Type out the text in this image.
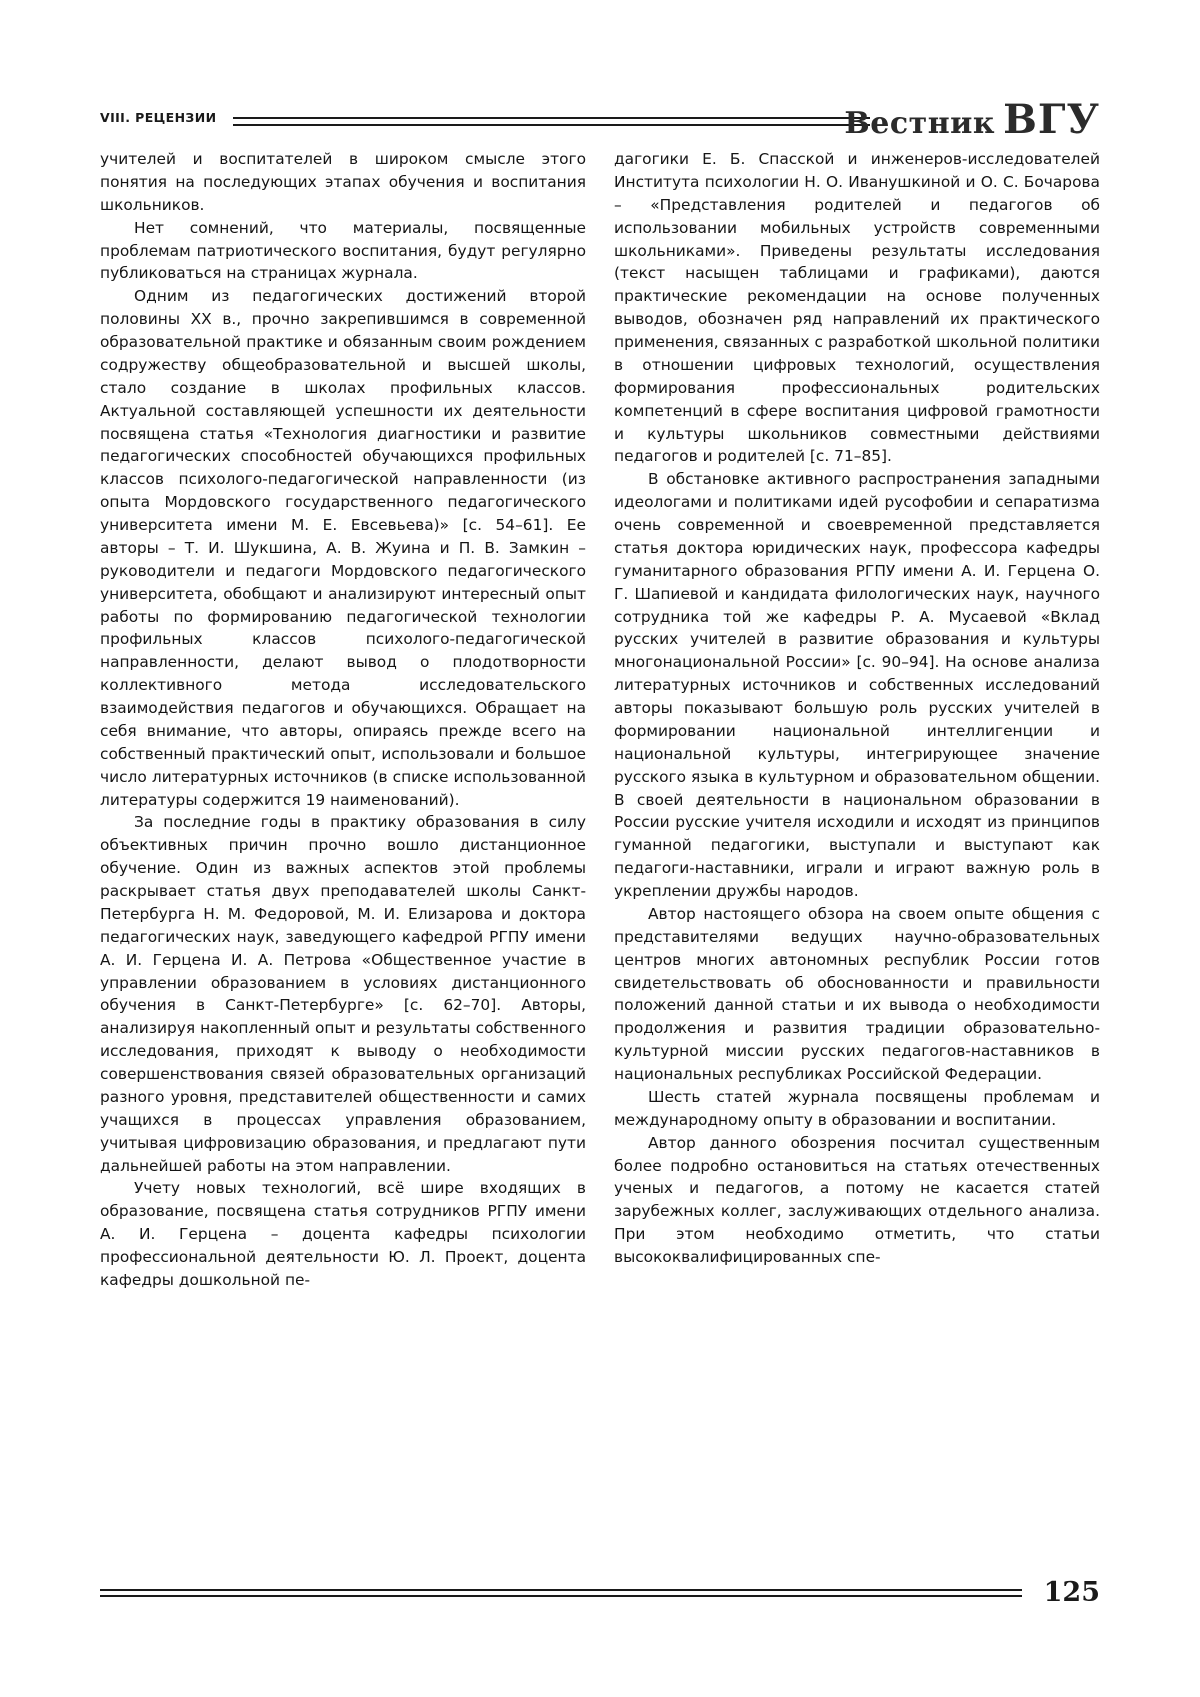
VIII. РЕЦЕНЗИИ	Вестник ВГУ

учителей и воспитателей в широком смысле этого понятия на последующих этапах обучения и воспитания школьников.

Нет сомнений, что материалы, посвященные проблемам патриотического воспитания, будут регулярно публиковаться на страницах журнала.

Одним из педагогических достижений второй половины XX в., прочно закрепившимся в современной образовательной практике и обязанным своим рождением содружеству общеобразовательной и высшей школы, стало создание в школах профильных классов. Актуальной составляющей успешности их деятельности посвящена статья «Технология диагностики и развитие педагогических способностей обучающихся профильных классов психолого-педагогической направленности (из опыта Мордовского государственного педагогического университета имени М. Е. Евсевьева)» [с. 54–61]. Ее авторы – Т. И. Шукшина, А. В. Жуина и П. В. Замкин – руководители и педагоги Мордовского педагогического университета, обобщают и анализируют интересный опыт работы по формированию педагогической технологии профильных классов психолого-педагогической направленности, делают вывод о плодотворности коллективного метода исследовательского взаимодействия педагогов и обучающихся. Обращает на себя внимание, что авторы, опираясь прежде всего на собственный практический опыт, использовали и большое число литературных источников (в списке использованной литературы содержится 19 наименований).

За последние годы в практику образования в силу объективных причин прочно вошло дистанционное обучение. Один из важных аспектов этой проблемы раскрывает статья двух преподавателей школы Санкт-Петербурга Н. М. Федоровой, М. И. Елизарова и доктора педагогических наук, заведующего кафедрой РГПУ имени А. И. Герцена И. А. Петрова «Общественное участие в управлении образованием в условиях дистанционного обучения в Санкт-Петербурге» [с. 62–70]. Авторы, анализируя накопленный опыт и результаты собственного исследования, приходят к выводу о необходимости совершенствования связей образовательных организаций разного уровня, представителей общественности и самих учащихся в процессах управления образованием, учитывая цифровизацию образования, и предлагают пути дальнейшей работы на этом направлении.

Учету новых технологий, всё шире входящих в образование, посвящена статья сотрудников РГПУ имени А. И. Герцена – доцента кафедры психологии профессиональной деятельности Ю. Л. Проект, доцента кафедры дошкольной пе-

дагогики Е. Б. Спасской и инженеров-исследователей Института психологии Н. О. Иванушкиной и О. С. Бочарова – «Представления родителей и педагогов об использовании мобильных устройств современными школьниками». Приведены результаты исследования (текст насыщен таблицами и графиками), даются практические рекомендации на основе полученных выводов, обозначен ряд направлений их практического применения, связанных с разработкой школьной политики в отношении цифровых технологий, осуществления формирования профессиональных родительских компетенций в сфере воспитания цифровой грамотности и культуры школьников совместными действиями педагогов и родителей [с. 71–85].

В обстановке активного распространения западными идеологами и политиками идей русофобии и сепаратизма очень современной и своевременной представляется статья доктора юридических наук, профессора кафедры гуманитарного образования РГПУ имени А. И. Герцена О. Г. Шапиевой и кандидата филологических наук, научного сотрудника той же кафедры Р. А. Мусаевой «Вклад русских учителей в развитие образования и культуры многонациональной России» [с. 90–94]. На основе анализа литературных источников и собственных исследований авторы показывают большую роль русских учителей в формировании национальной интеллигенции и национальной культуры, интегрирующее значение русского языка в культурном и образовательном общении. В своей деятельности в национальном образовании в России русские учителя исходили и исходят из принципов гуманной педагогики, выступали и выступают как педагоги-наставники, играли и играют важную роль в укреплении дружбы народов.

Автор настоящего обзора на своем опыте общения с представителями ведущих научно-образовательных центров многих автономных республик России готов свидетельствовать об обоснованности и правильности положений данной статьи и их вывода о необходимости продолжения и развития традиции образовательно-культурной миссии русских педагогов-наставников в национальных республиках Российской Федерации.

Шесть статей журнала посвящены проблемам и международному опыту в образовании и воспитании.

Автор данного обозрения посчитал существенным более подробно остановиться на статьях отечественных ученых и педагогов, а потому не касается статей зарубежных коллег, заслуживающих отдельного анализа. При этом необходимо отметить, что статьи высококвалифицированных спе-

125
